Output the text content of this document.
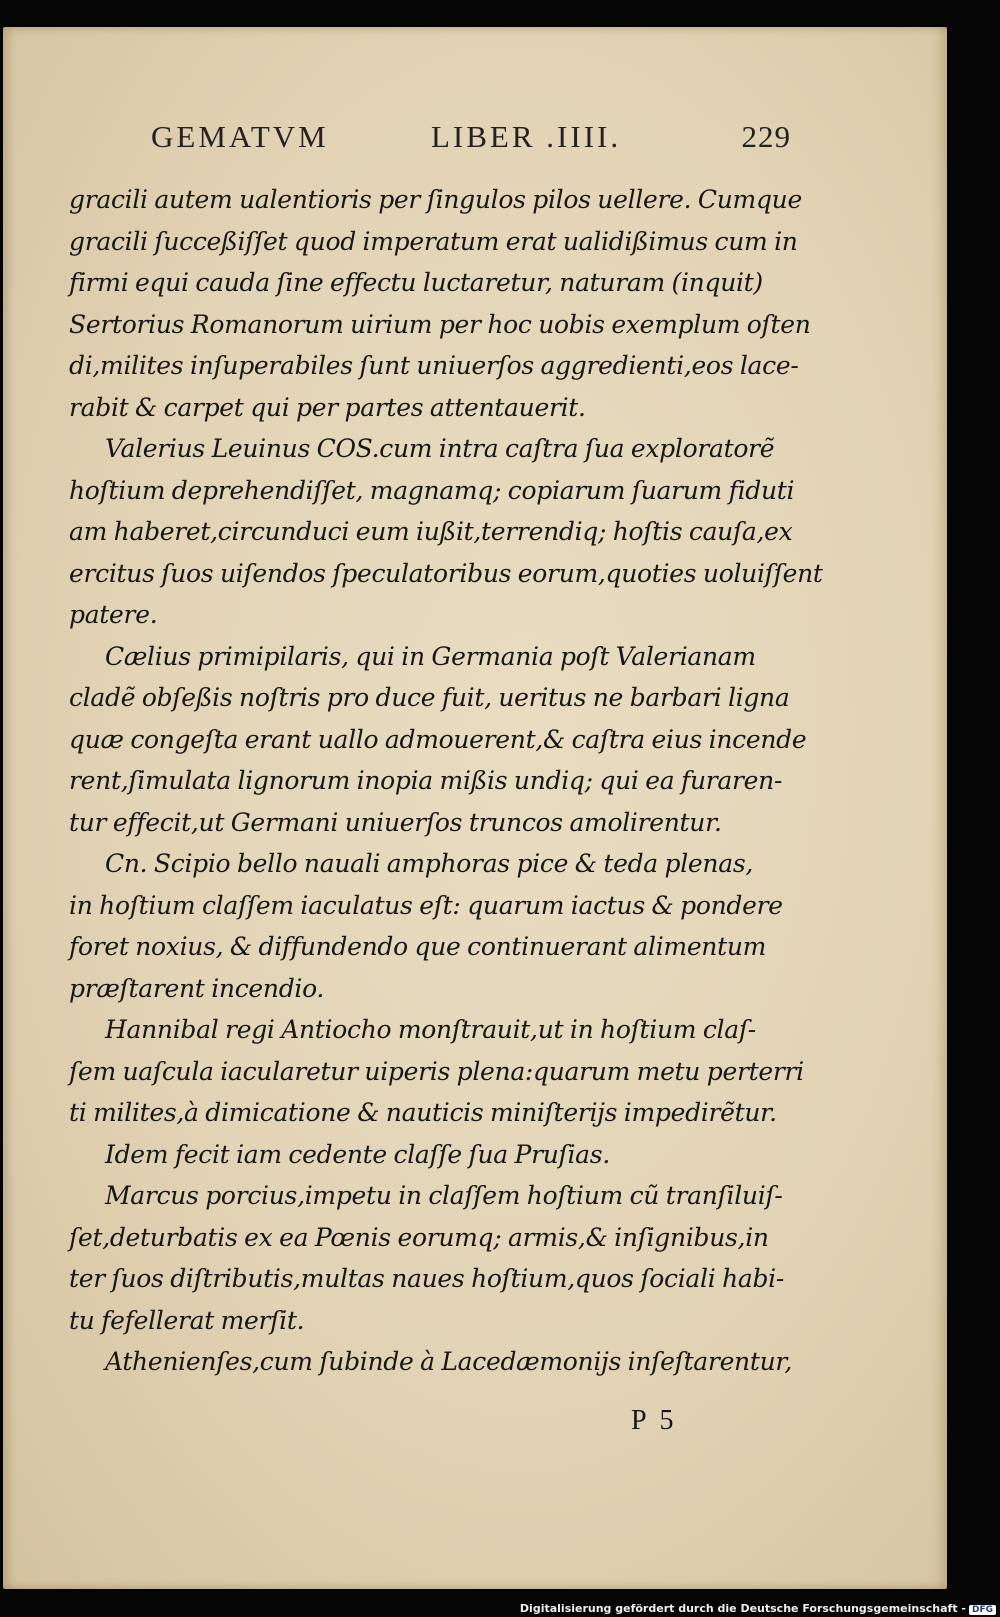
GEMATVM	LIBER .IIII.	229
gracili autem ualentioris per ſingulos pilos uellere. Cumque
gracili ſucceßiſſet quod imperatum erat ualidißimus cum in
firmi equi cauda ſine effectu luctaretur, naturam (inquit)
Sertorius Romanorum uirium per hoc uobis exemplum oſten
di,milites inſuperabiles ſunt uniuerſos aggredienti,eos lace-
rabit & carpet qui per partes attentauerit.
Valerius Leuinus COS.cum intra caſtra ſua exploratorẽ
hoſtium deprehendiſſet, magnamq; copiarum ſuarum fiduti
am haberet,circunduci eum iußit,terrendiq; hoſtis cauſa,ex
ercitus ſuos uiſendos ſpeculatoribus eorum,quoties uoluiſſent
patere.
Cælius primipilaris, qui in Germania poſt Valerianam
cladẽ obſeßis noſtris pro duce fuit, ueritus ne barbari ligna
quæ congeſta erant uallo admouerent,& caſtra eius incende
rent,ſimulata lignorum inopia mißis undiq; qui ea furaren-
tur effecit,ut Germani uniuerſos truncos amolirentur.
Cn. Scipio bello nauali amphoras pice & teda plenas,
in hoſtium claſſem iaculatus eſt: quarum iactus & pondere
foret noxius, & diffundendo que continuerant alimentum
præſtarent incendio.
Hannibal regi Antiocho monſtrauit,ut in hoſtium claſ-
ſem uaſcula iacularetur uiperis plena:quarum metu perterri
ti milites,à dimicatione & nauticis miniſterijs impedirẽtur.
Idem fecit iam cedente claſſe ſua Pruſias.
Marcus porcius,impetu in claſſem hoſtium cũ tranſiluiſ-
ſet,deturbatis ex ea Pœnis eorumq; armis,& inſignibus,in
ter ſuos diſtributis,multas naues hoſtium,quos ſociali habi-
tu fefellerat merſit.
Athenienſes,cum ſubinde à Lacedæmonijs inſeſtarentur,
P  5
Digitalisierung gefördert durch die Deutsche Forschungsgemeinschaft - DFG
